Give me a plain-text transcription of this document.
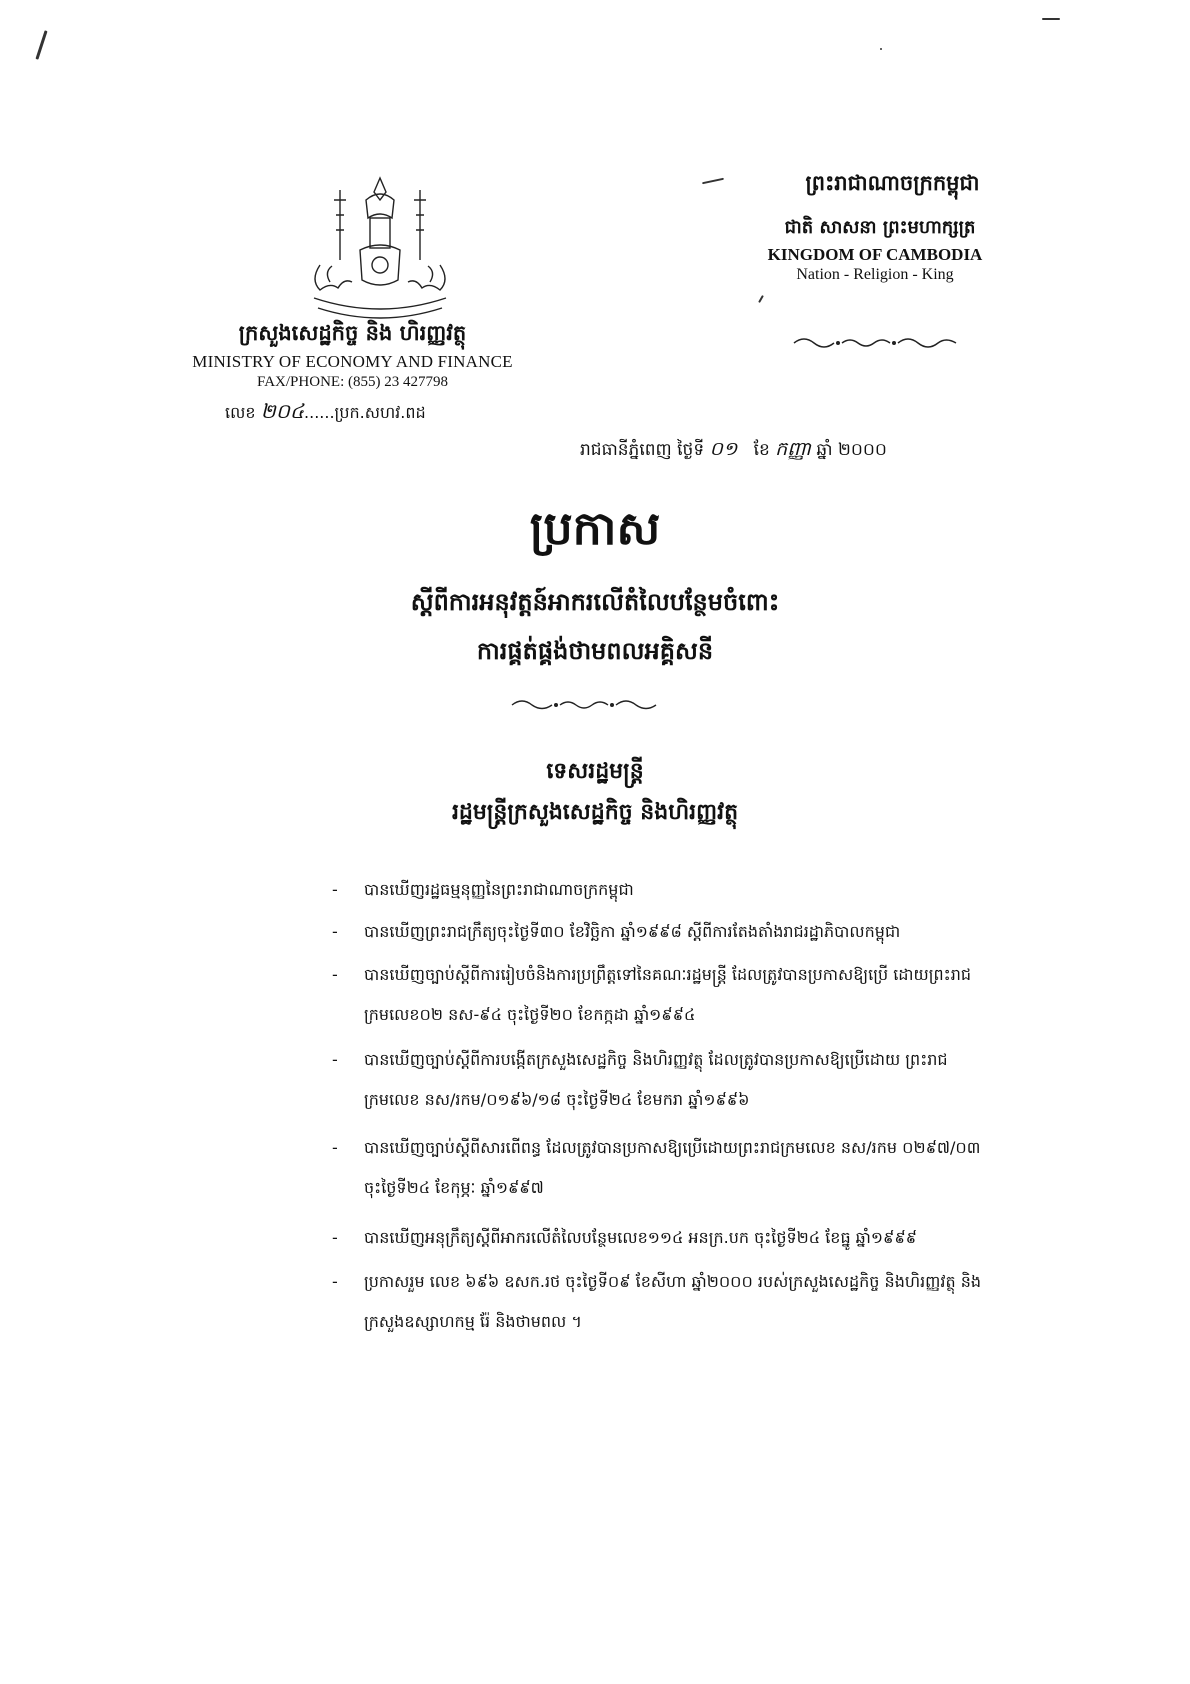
ក្រសួងសេដ្ឋកិច្ច និង ហិរញ្ញវត្ថុ
MINISTRY OF ECONOMY AND FINANCE
FAX/PHONE: (855) 23 427798
លេខ ២០៤......ប្រក.សហវ.ពដ
ព្រះរាជាណាចក្រកម្ពុជា
ជាតិ សាសនា ព្រះមហាក្សត្រ
KINGDOM OF CAMBODIA
Nation - Religion - King
រាជធានីភ្នំពេញ ថ្ងៃទី ០១ ខែ កញ្ញា ឆ្នាំ ២០០០
ប្រកាស
ស្តីពីការអនុវត្តន៍អាករលើតំលៃបន្ថែមចំពោះ
ការផ្គត់ផ្គង់ថាមពលអគ្គិសនី
ទេសរដ្ឋមន្ត្រី
រដ្ឋមន្ត្រីក្រសួងសេដ្ឋកិច្ច និងហិរញ្ញវត្ថុ
- បានឃើញរដ្ឋធម្មនុញ្ញនៃព្រះរាជាណាចក្រកម្ពុជា
- បានឃើញព្រះរាជក្រឹត្យចុះថ្ងៃទី៣០ ខែវិច្ឆិកា ឆ្នាំ១៩៩៨ ស្តីពីការតែងតាំងរាជរដ្ឋាភិបាលកម្ពុជា
- បានឃើញច្បាប់ស្តីពីការរៀបចំនិងការប្រព្រឹត្តទៅនៃគណៈរដ្ឋមន្ត្រី ដែលត្រូវបានប្រកាសឱ្យប្រើ ដោយព្រះរាជក្រមលេខ០២ នស-៩៤ ចុះថ្ងៃទី២០ ខែកក្កដា ឆ្នាំ១៩៩៤
- បានឃើញច្បាប់ស្តីពីការបង្កើតក្រសួងសេដ្ឋកិច្ច និងហិរញ្ញវត្ថុ ដែលត្រូវបានប្រកាសឱ្យប្រើដោយ ព្រះរាជក្រមលេខ នស/រកម/០១៩៦/១៨ ចុះថ្ងៃទី២៤ ខែមករា ឆ្នាំ១៩៩៦
- បានឃើញច្បាប់ស្តីពីសារពើពន្ធ ដែលត្រូវបានប្រកាសឱ្យប្រើដោយព្រះរាជក្រមលេខ នស/រកម ០២៩៧/០៣ ចុះថ្ងៃទី២៤ ខែកុម្ភៈ ឆ្នាំ១៩៩៧
- បានឃើញអនុក្រឹត្យស្តីពីអាករលើតំលៃបន្ថែមលេខ១១៤ អនក្រ.បក ចុះថ្ងៃទី២៤ ខែធ្នូ ឆ្នាំ១៩៩៩
- ប្រកាសរួម លេខ ៦៩៦ ឧសក.រថ ចុះថ្ងៃទី០៩ ខែសីហា ឆ្នាំ២០០០ របស់ក្រសួងសេដ្ឋកិច្ច និងហិរញ្ញវត្ថុ និងក្រសួងឧស្សាហកម្ម រ៉ែ និងថាមពល ។
